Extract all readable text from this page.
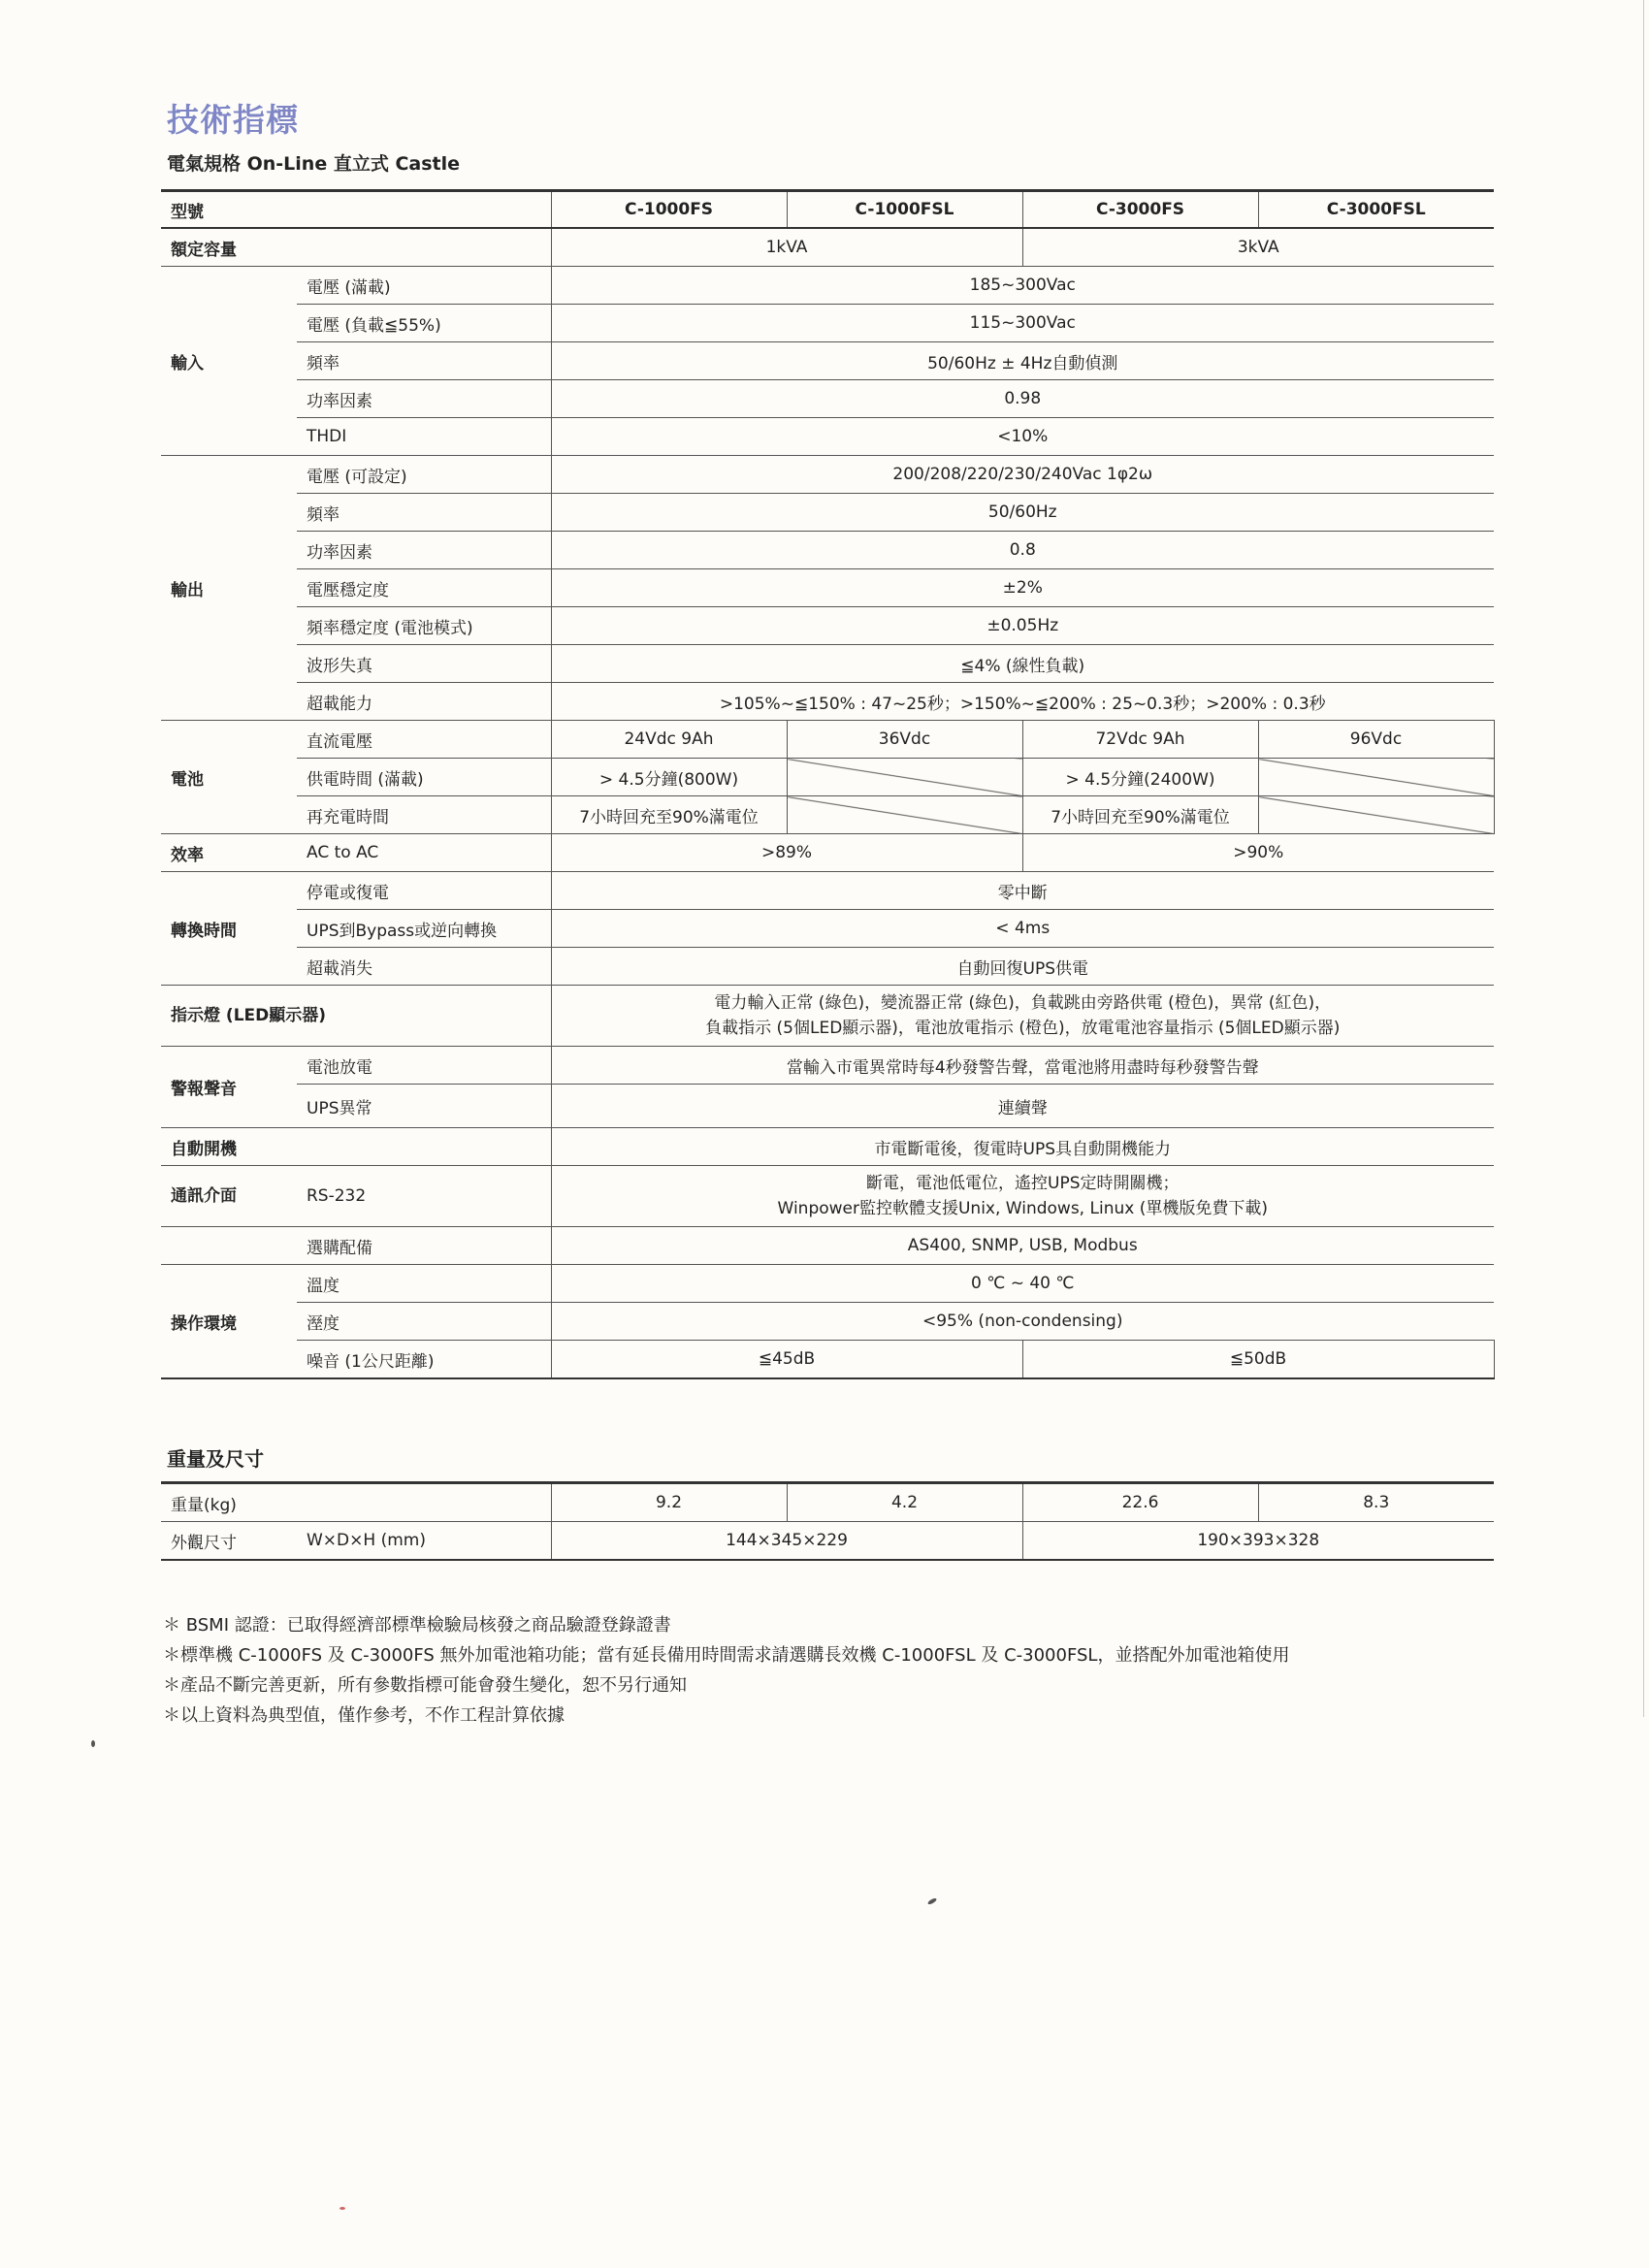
技術指標
電氣規格 On-Line 直立式 Castle
型號		C-1000FS	C-1000FSL	C-3000FS	C-3000FSL
額定容量		1kVA		3kVA	
輸入	電壓 (滿載)	185~300Vac			
	電壓 (負載≦55%)	115~300Vac			
	頻率	50/60Hz ± 4Hz自動偵測			
	功率因素	0.98			
	THDI	<10%			
輸出	電壓 (可設定)	200/208/220/230/240Vac 1φ2ω			
	頻率	50/60Hz			
	功率因素	0.8			
	電壓穩定度	±2%			
	頻率穩定度 (電池模式)	±0.05Hz			
	波形失真	≦4% (線性負載)			
	超載能力	>105%~≦150% : 47~25秒；>150%~≦200% : 25~0.3秒；>200% : 0.3秒			
電池	直流電壓	24Vdc 9Ah	36Vdc	72Vdc 9Ah	96Vdc
	供電時間 (滿載)	> 4.5分鐘(800W)		> 4.5分鐘(2400W)	
	再充電時間	7小時回充至90%滿電位		7小時回充至90%滿電位	
效率	AC to AC	>89%		>90%	
轉換時間	停電或復電	零中斷			
	UPS到Bypass或逆向轉換	< 4ms			
	超載消失	自動回復UPS供電			
指示燈 (LED顯示器)		電力輸入正常 (綠色)，變流器正常 (綠色)，負載跳由旁路供電 (橙色)，異常 (紅色)，
負載指示 (5個LED顯示器)，電池放電指示 (橙色)，放電電池容量指示 (5個LED顯示器)			

警報聲音	電池放電	當輸入市電異常時每4秒發警告聲，當電池將用盡時每秒發警告聲			
	UPS異常	連續聲			
自動開機		市電斷電後，復電時UPS具自動開機能力			
通訊介面	RS-232	斷電，電池低電位，遙控UPS定時開關機；
Winpower監控軟體支援Unix, Windows, Linux (單機版免費下載)			

	選購配備	AS400, SNMP, USB, Modbus			
操作環境	溫度	0 ℃ ~ 40 ℃			
	溼度	<95% (non-condensing)			
	噪音 (1公尺距離)	≦45dB		≦50dB	
重量及尺寸
重量(kg)		9.2	4.2	22.6	8.3
外觀尺寸	W×D×H (mm)	144×345×229		190×393×328	
＊ BSMI 認證：已取得經濟部標準檢驗局核發之商品驗證登錄證書
＊標準機 C-1000FS 及 C-3000FS 無外加電池箱功能；當有延長備用時間需求請選購長效機 C-1000FSL 及 C-3000FSL，並搭配外加電池箱使用
＊產品不斷完善更新，所有參數指標可能會發生變化，恕不另行通知
＊以上資料為典型值，僅作參考，不作工程計算依據
